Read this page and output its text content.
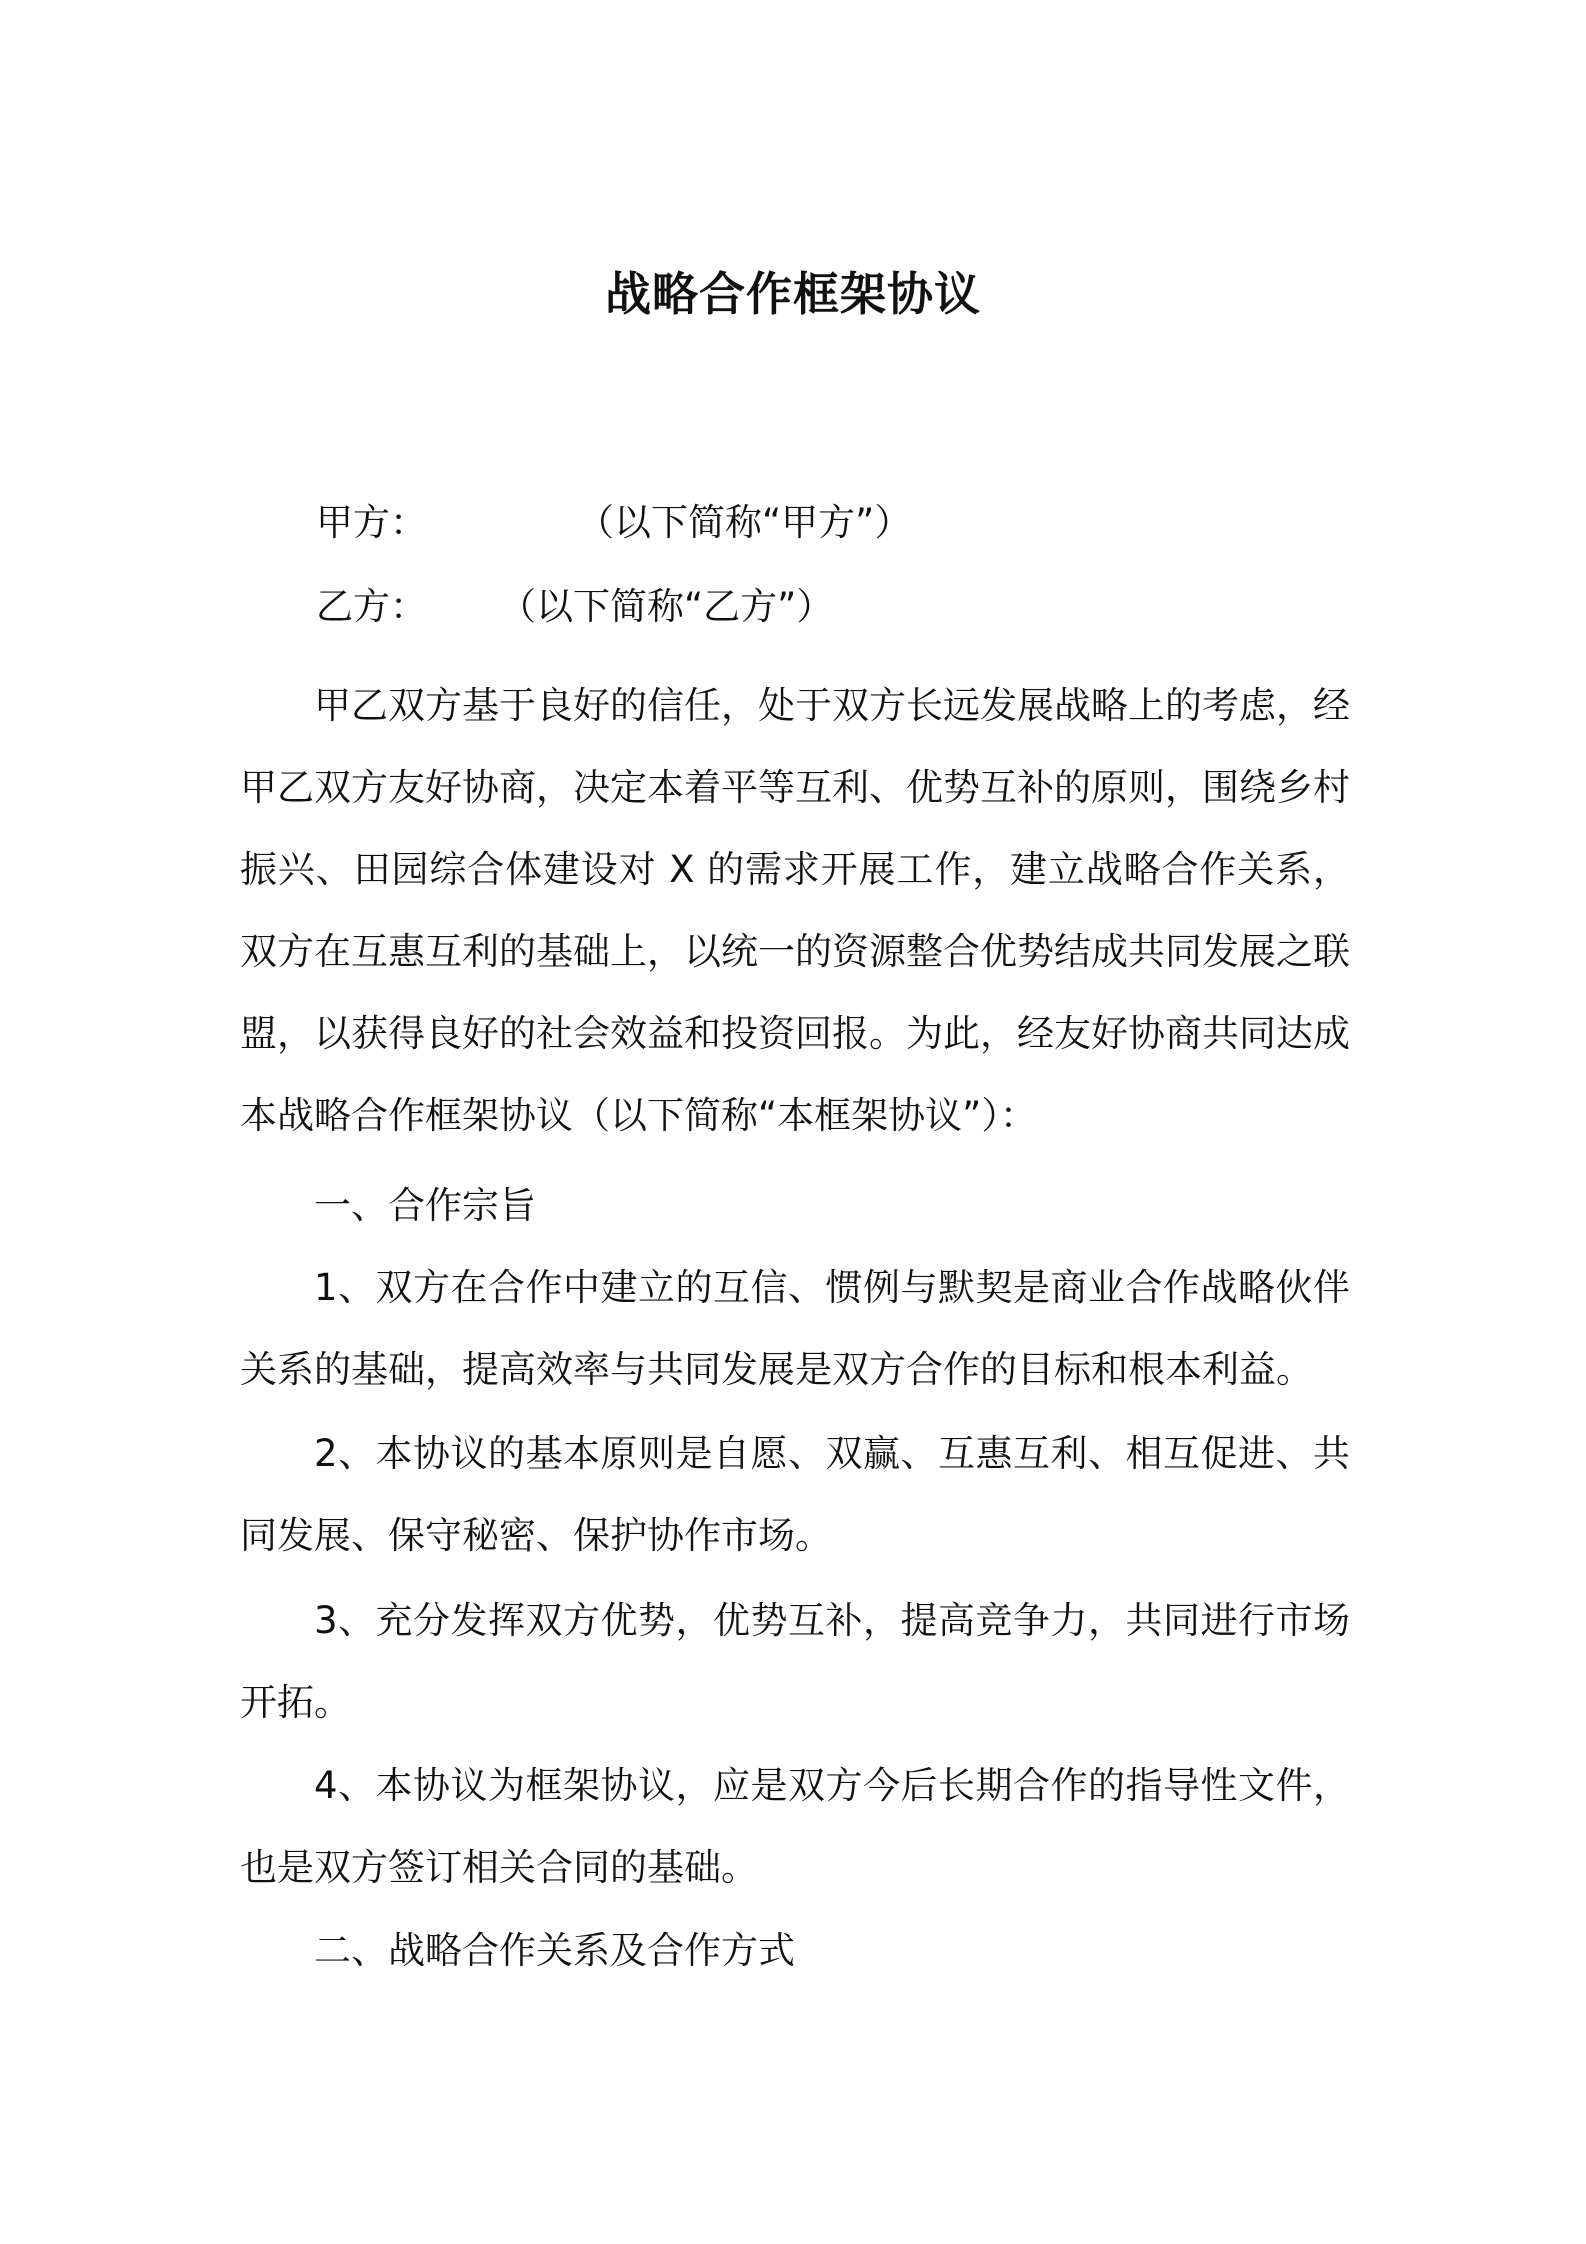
战略合作框架协议
甲方：	（以下简称“甲方”）
乙方： （以下简称“乙方”）
甲乙双方基于良好的信任，处于双方长远发展战略上的考虑，经甲乙双方友好协商，决定本着平等互利、优势互补的原则，围绕乡村振兴、田园综合体建设对 X 的需求开展工作，建立战略合作关系，双方在互惠互利的基础上，以统一的资源整合优势结成共同发展之联盟，以获得良好的社会效益和投资回报。为此，经友好协商共同达成本战略合作框架协议（以下简称“本框架协议”）：
一、合作宗旨
1、双方在合作中建立的互信、惯例与默契是商业合作战略伙伴关系的基础，提高效率与共同发展是双方合作的目标和根本利益。
2、本协议的基本原则是自愿、双赢、互惠互利、相互促进、共同发展、保守秘密、保护协作市场。
3、充分发挥双方优势，优势互补，提高竞争力，共同进行市场开拓。
4、本协议为框架协议，应是双方今后长期合作的指导性文件，也是双方签订相关合同的基础。
二、战略合作关系及合作方式
